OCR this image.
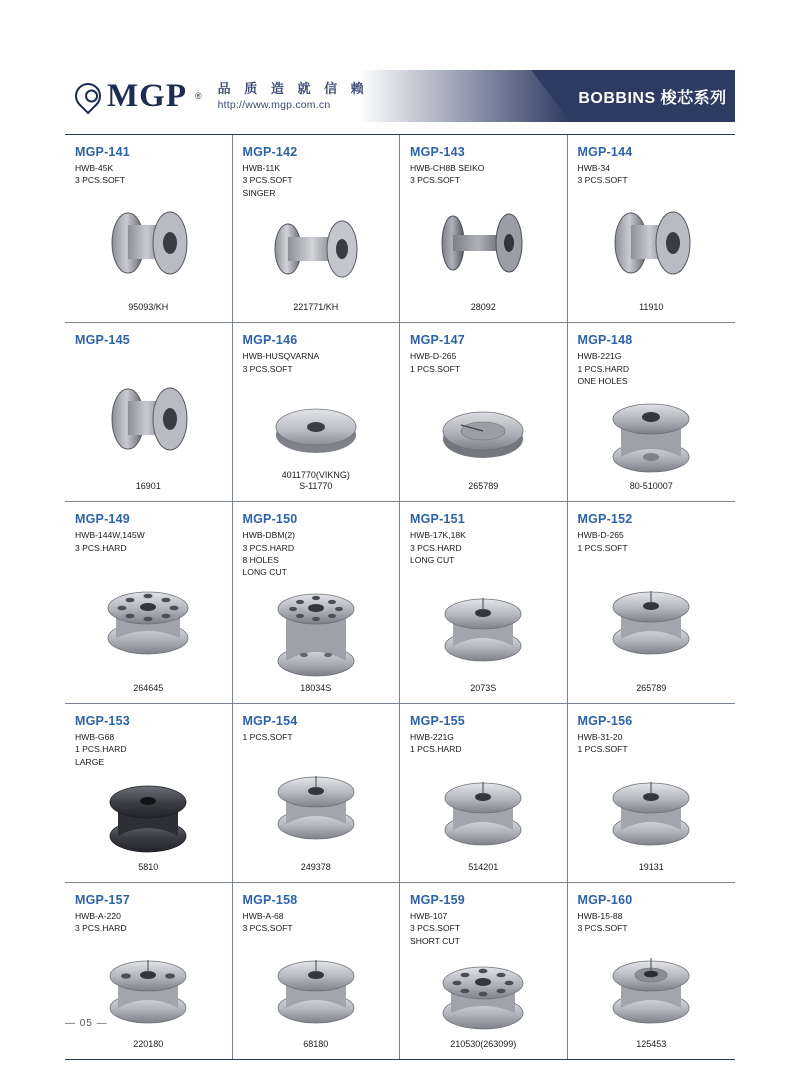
MGP ® 品 质 造 就 信 赖
http://www.mgp.com.cn	BOBBINS 梭芯系列
MGP-141
HWB-45K
3 PCS.SOFT
95093/KH
MGP-142
HWB-11K
3 PCS.SOFT
SINGER
221771/KH
MGP-143
HWB-CH8B SEIKO
3 PCS.SOFT
28092
MGP-144
HWB-34
3 PCS.SOFT
11910
MGP-145
16901
MGP-146
HWB-HUSQVARNA
3 PCS.SOFT
4011770(VIKNG)
S-11770
MGP-147
HWB-D-265
1 PCS.SOFT
265789
MGP-148
HWB-221G
1 PCS.HARD
ONE HOLES
80-510007
MGP-149
HWB-144W,145W
3 PCS.HARD
264645
MGP-150
HWB-DBM(2)
3 PCS.HARD
8 HOLES
LONG CUT
18034S
MGP-151
HWB-17K,18K
3 PCS.HARD
LONG CUT
2073S
MGP-152
HWB-D-265
1 PCS.SOFT
265789
MGP-153
HWB-G68
1 PCS.HARD
LARGE
5810
MGP-154
1 PCS.SOFT
249378
MGP-155
HWB-221G
1 PCS.HARD
514201
MGP-156
HWB-31-20
1 PCS.SOFT
19131
MGP-157
HWB-A-220
3 PCS.HARD
220180
MGP-158
HWB-A-68
3 PCS.SOFT
68180
MGP-159
HWB-107
3 PCS.SOFT
SHORT CUT
210530(263099)
MGP-160
HWB-15-88
3 PCS.SOFT
125453
— 05 —
